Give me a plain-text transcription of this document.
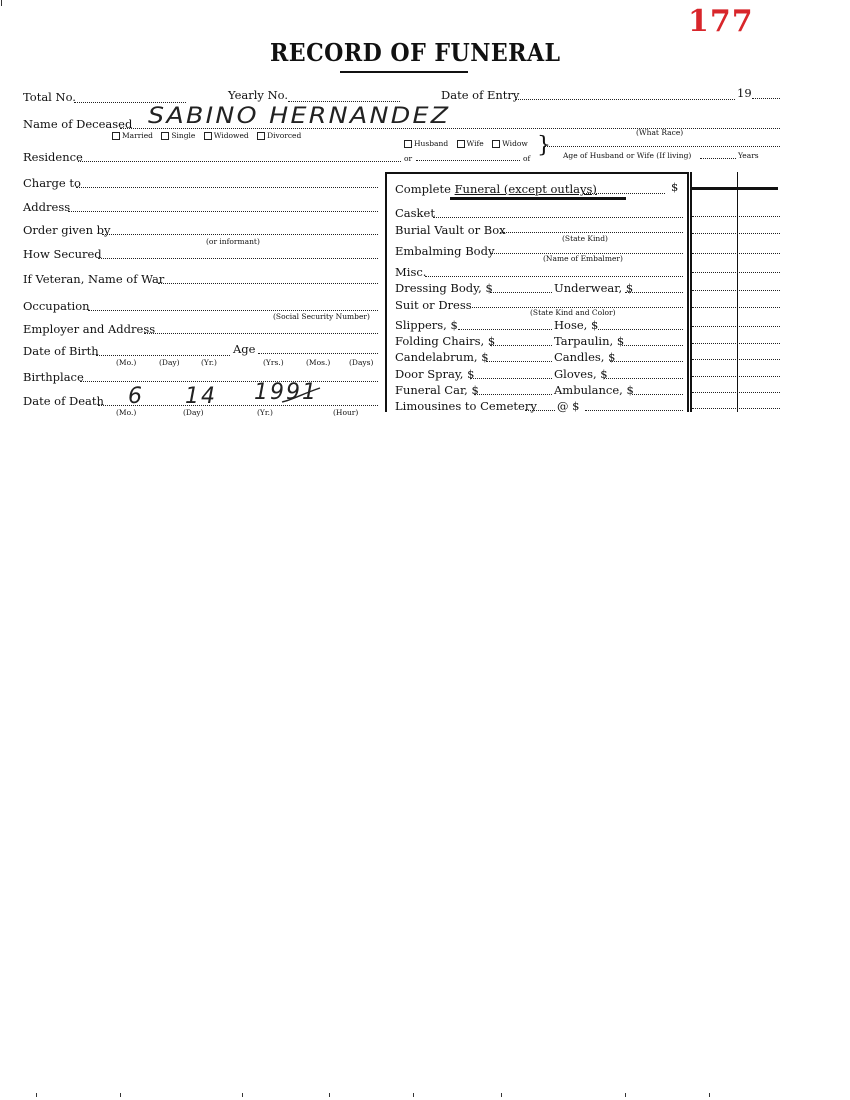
177
RECORD OF FUNERAL
Total No.	Yearly No.	Date of Entry	19
Name of Deceased SABINO HERNANDEZ
(What Race)
Married Single Widowed Divorced
Husband Wife Widow }
or	of	Age of Husband or Wife (If living)	Years
Residence
Charge to
Address
Order given by
(or informant)
How Secured
If Veteran, Name of War
Occupation
(Social Security Number)
Employer and Address
Date of Birth	Age
(Mo.)	(Day)	(Yr.)	(Yrs.)	(Mos.) (Days)
Birthplace
Date of Death 6 14 1991
(Mo.)	(Day)	(Yr.)	(Hour)
Complete Funeral (except outlays)	$
Casket
Burial Vault or Box
(State Kind)
Embalming Body
(Name of Embalmer)
Misc.
Dressing Body, $	Underwear, $
Suit or Dress
(State Kind and Color)
Slippers, $	Hose, $
Folding Chairs, $	Tarpaulin, $
Candelabrum, $	Candles, $
Door Spray, $	Gloves, $
Funeral Car, $	Ambulance, $
Limousines to Cemetery @ $
